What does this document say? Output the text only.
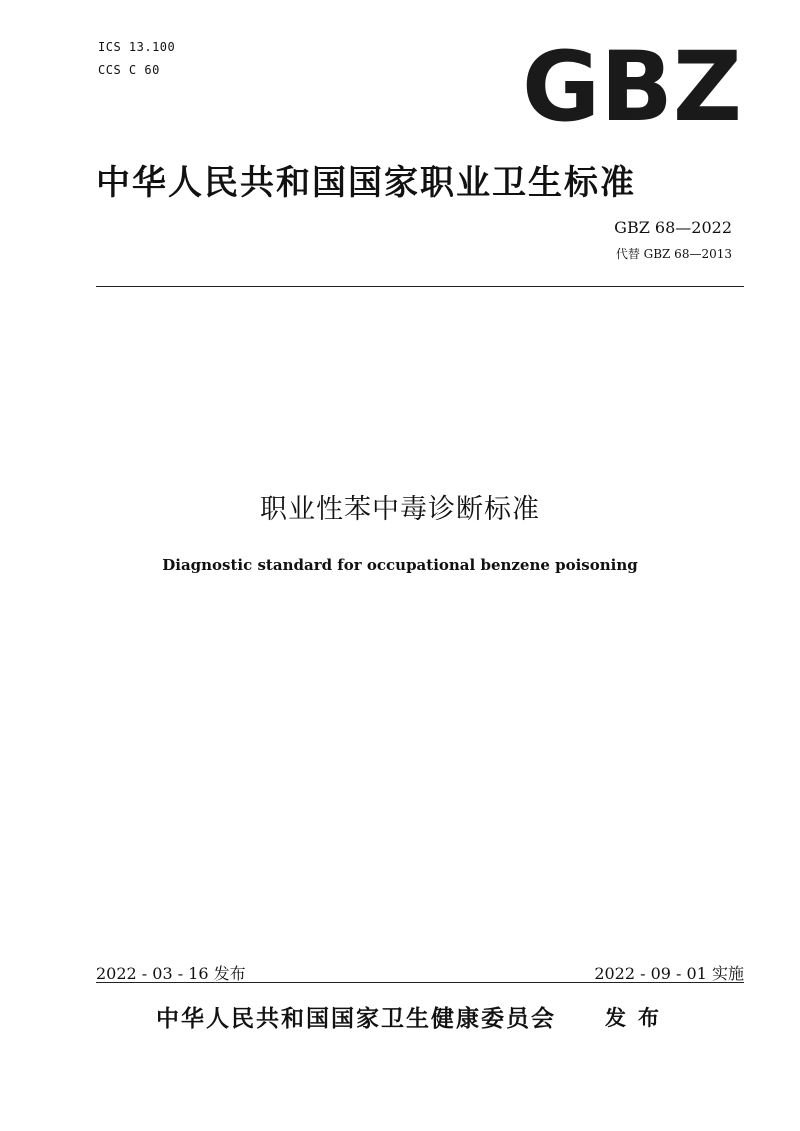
ICS 13.100
CCS C 60	GBZ
中华人民共和国国家职业卫生标准
GBZ 68—2022
代替 GBZ 68—2013
职业性苯中毒诊断标准
Diagnostic standard for occupational benzene poisoning
2022 - 03 - 16 发布	2022 - 09 - 01 实施
中华人民共和国国家卫生健康委员会 发布
